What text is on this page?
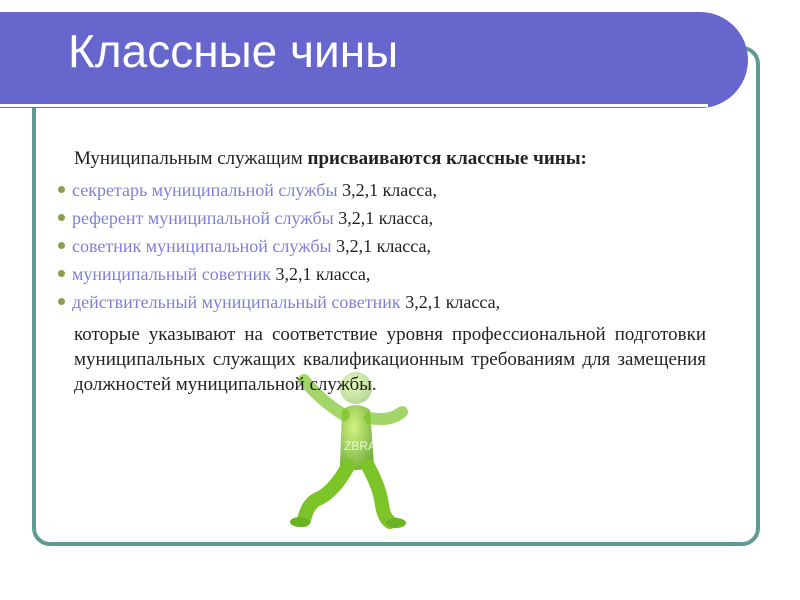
Классные чины
ZBRA

Муниципальным служащим присваиваются классные чины:

секретарь муниципальной службы 3,2,1 класса,
референт муниципальной службы 3,2,1 класса,
советник муниципальной службы 3,2,1 класса,
муниципальный советник 3,2,1 класса,
действительный муниципальный советник 3,2,1 класса,

которые указывают на соответствие уровня профессиональной подготовки муниципальных служащих квалификационным требованиям для замещения должностей муниципальной службы.
